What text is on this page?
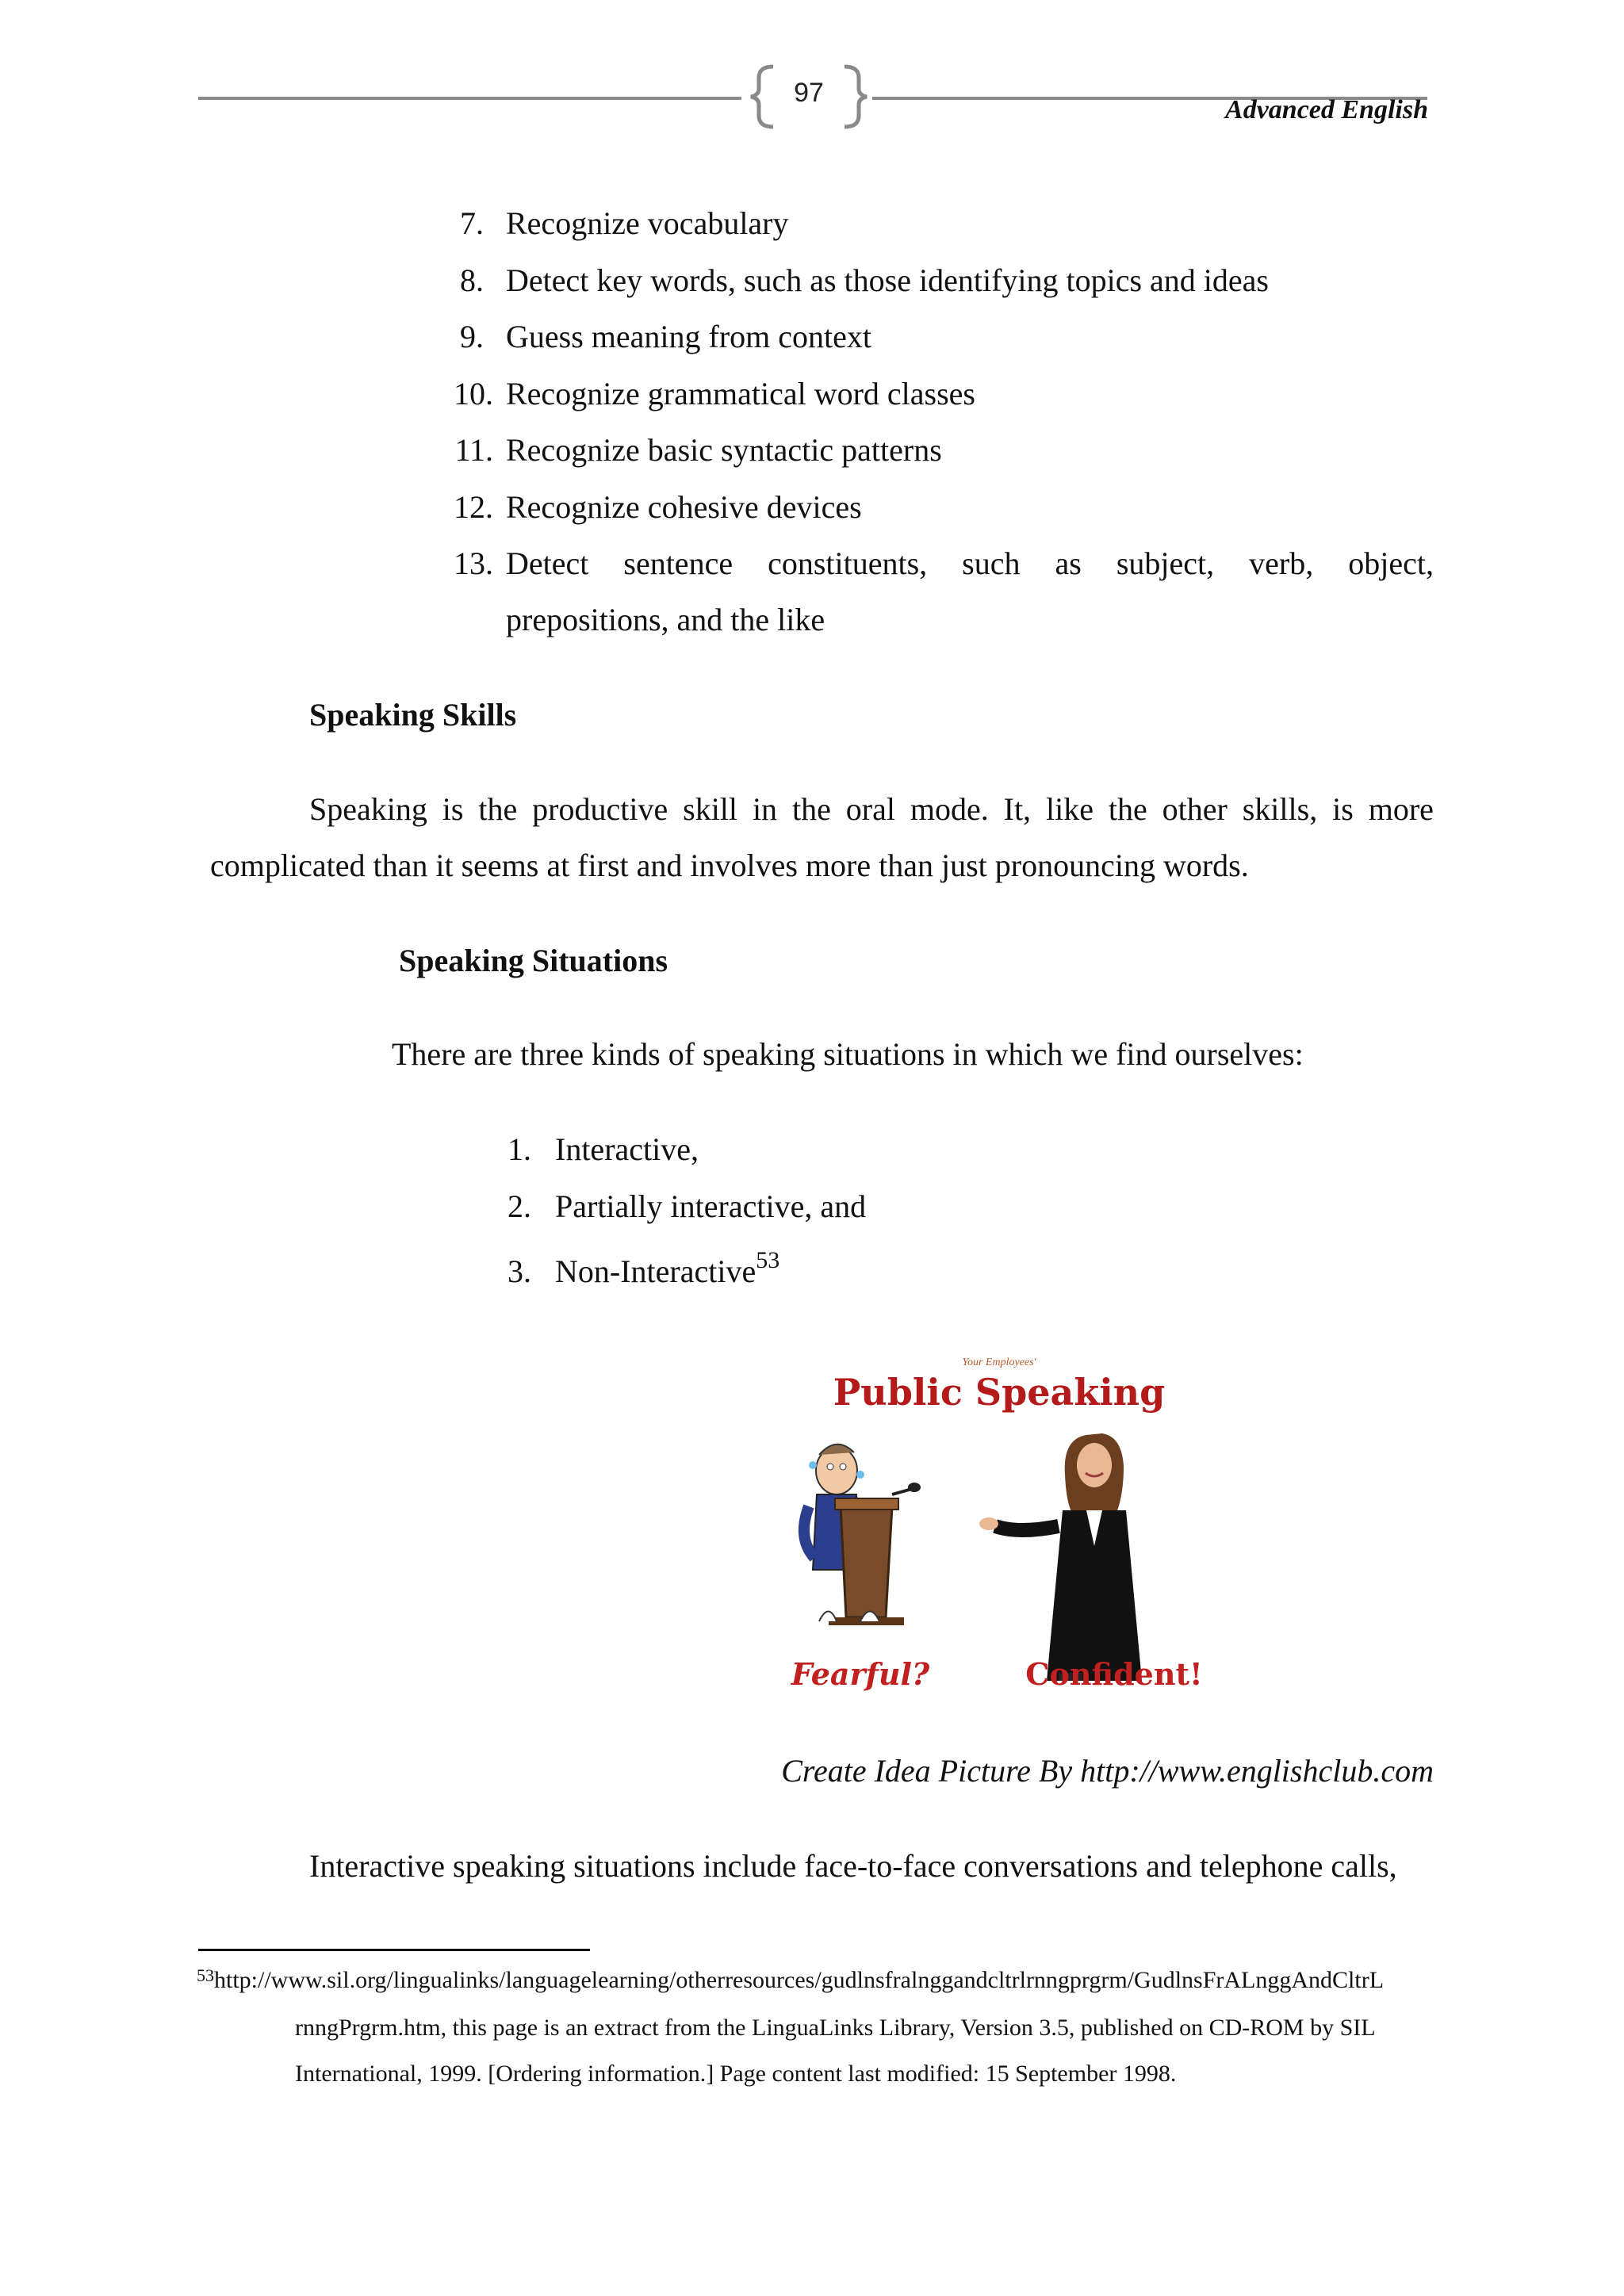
97
Advanced English
7. Recognize vocabulary
8. Detect key words, such as those identifying topics and ideas
9. Guess meaning from context
10. Recognize grammatical word classes
11. Recognize basic syntactic patterns
12. Recognize cohesive devices
13. Detect sentence constituents, such as subject, verb, object,
prepositions, and the like
Speaking Skills
Speaking is the productive skill in the oral mode. It, like the other skills, is more
complicated than it seems at first and involves more than just pronouncing words.
Speaking Situations
There are three kinds of speaking situations in which we find ourselves:
1. Interactive,
2. Partially interactive, and
3. Non-Interactive$^{53}$
Your Employees'
Public Speaking
Fearful?	Confident!
Create Idea Picture By http://www.englishclub.com
Interactive speaking situations include face-to-face conversations and telephone calls,
$^{53}$http://www.sil.org/lingualinks/languagelearning/otherresources/gudlnsfralnggandcltrlrnngprgrm/GudlnsFrALnggAndCltrL
rnngPrgrm.htm, this page is an extract from the LinguaLinks Library, Version 3.5, published on CD-ROM by SIL
International, 1999. [Ordering information.] Page content last modified: 15 September 1998.
